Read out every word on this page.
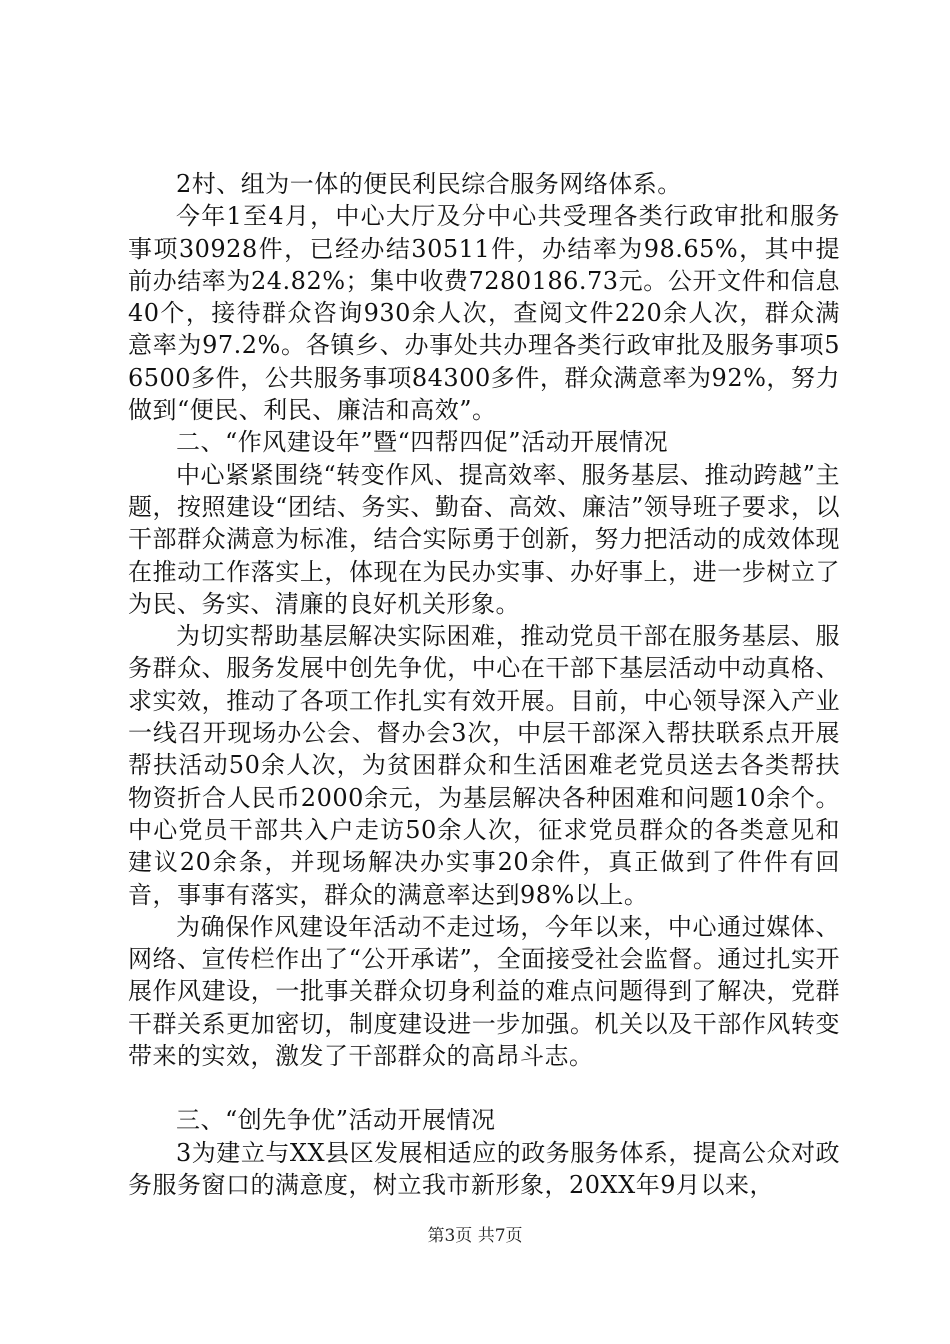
2村、组为一体的便民利民综合服务网络体系。

今年1至4月，中心大厅及分中心共受理各类行政审批和服务事项30928件，已经办结30511件，办结率为98.65%，其中提前办结率为24.82%；集中收费7280186.73元。公开文件和信息40个，接待群众咨询930余人次，查阅文件220余人次，群众满意率为97.2%。各镇乡、办事处共办理各类行政审批及服务事项56500多件，公共服务事项84300多件，群众满意率为92%，努力做到“便民、利民、廉洁和高效”。

二、“作风建设年”暨“四帮四促”活动开展情况

中心紧紧围绕“转变作风、提高效率、服务基层、推动跨越”主题，按照建设“团结、务实、勤奋、高效、廉洁”领导班子要求，以干部群众满意为标准，结合实际勇于创新，努力把活动的成效体现在推动工作落实上，体现在为民办实事、办好事上，进一步树立了为民、务实、清廉的良好机关形象。

为切实帮助基层解决实际困难，推动党员干部在服务基层、服务群众、服务发展中创先争优，中心在干部下基层活动中动真格、求实效，推动了各项工作扎实有效开展。目前，中心领导深入产业一线召开现场办公会、督办会3次，中层干部深入帮扶联系点开展帮扶活动50余人次，为贫困群众和生活困难老党员送去各类帮扶物资折合人民币2000余元，为基层解决各种困难和问题10余个。中心党员干部共入户走访50余人次，征求党员群众的各类意见和建议20余条，并现场解决办实事20余件，真正做到了件件有回音，事事有落实，群众的满意率达到98%以上。

为确保作风建设年活动不走过场，今年以来，中心通过媒体、网络、宣传栏作出了“公开承诺”，全面接受社会监督。通过扎实开展作风建设，一批事关群众切身利益的难点问题得到了解决，党群干群关系更加密切，制度建设进一步加强。机关以及干部作风转变带来的实效，激发了干部群众的高昂斗志。

三、“创先争优”活动开展情况

3为建立与XX县区发展相适应的政务服务体系，提高公众对政务服务窗口的满意度，树立我市新形象，20XX年9月以来，

第3页 共7页
